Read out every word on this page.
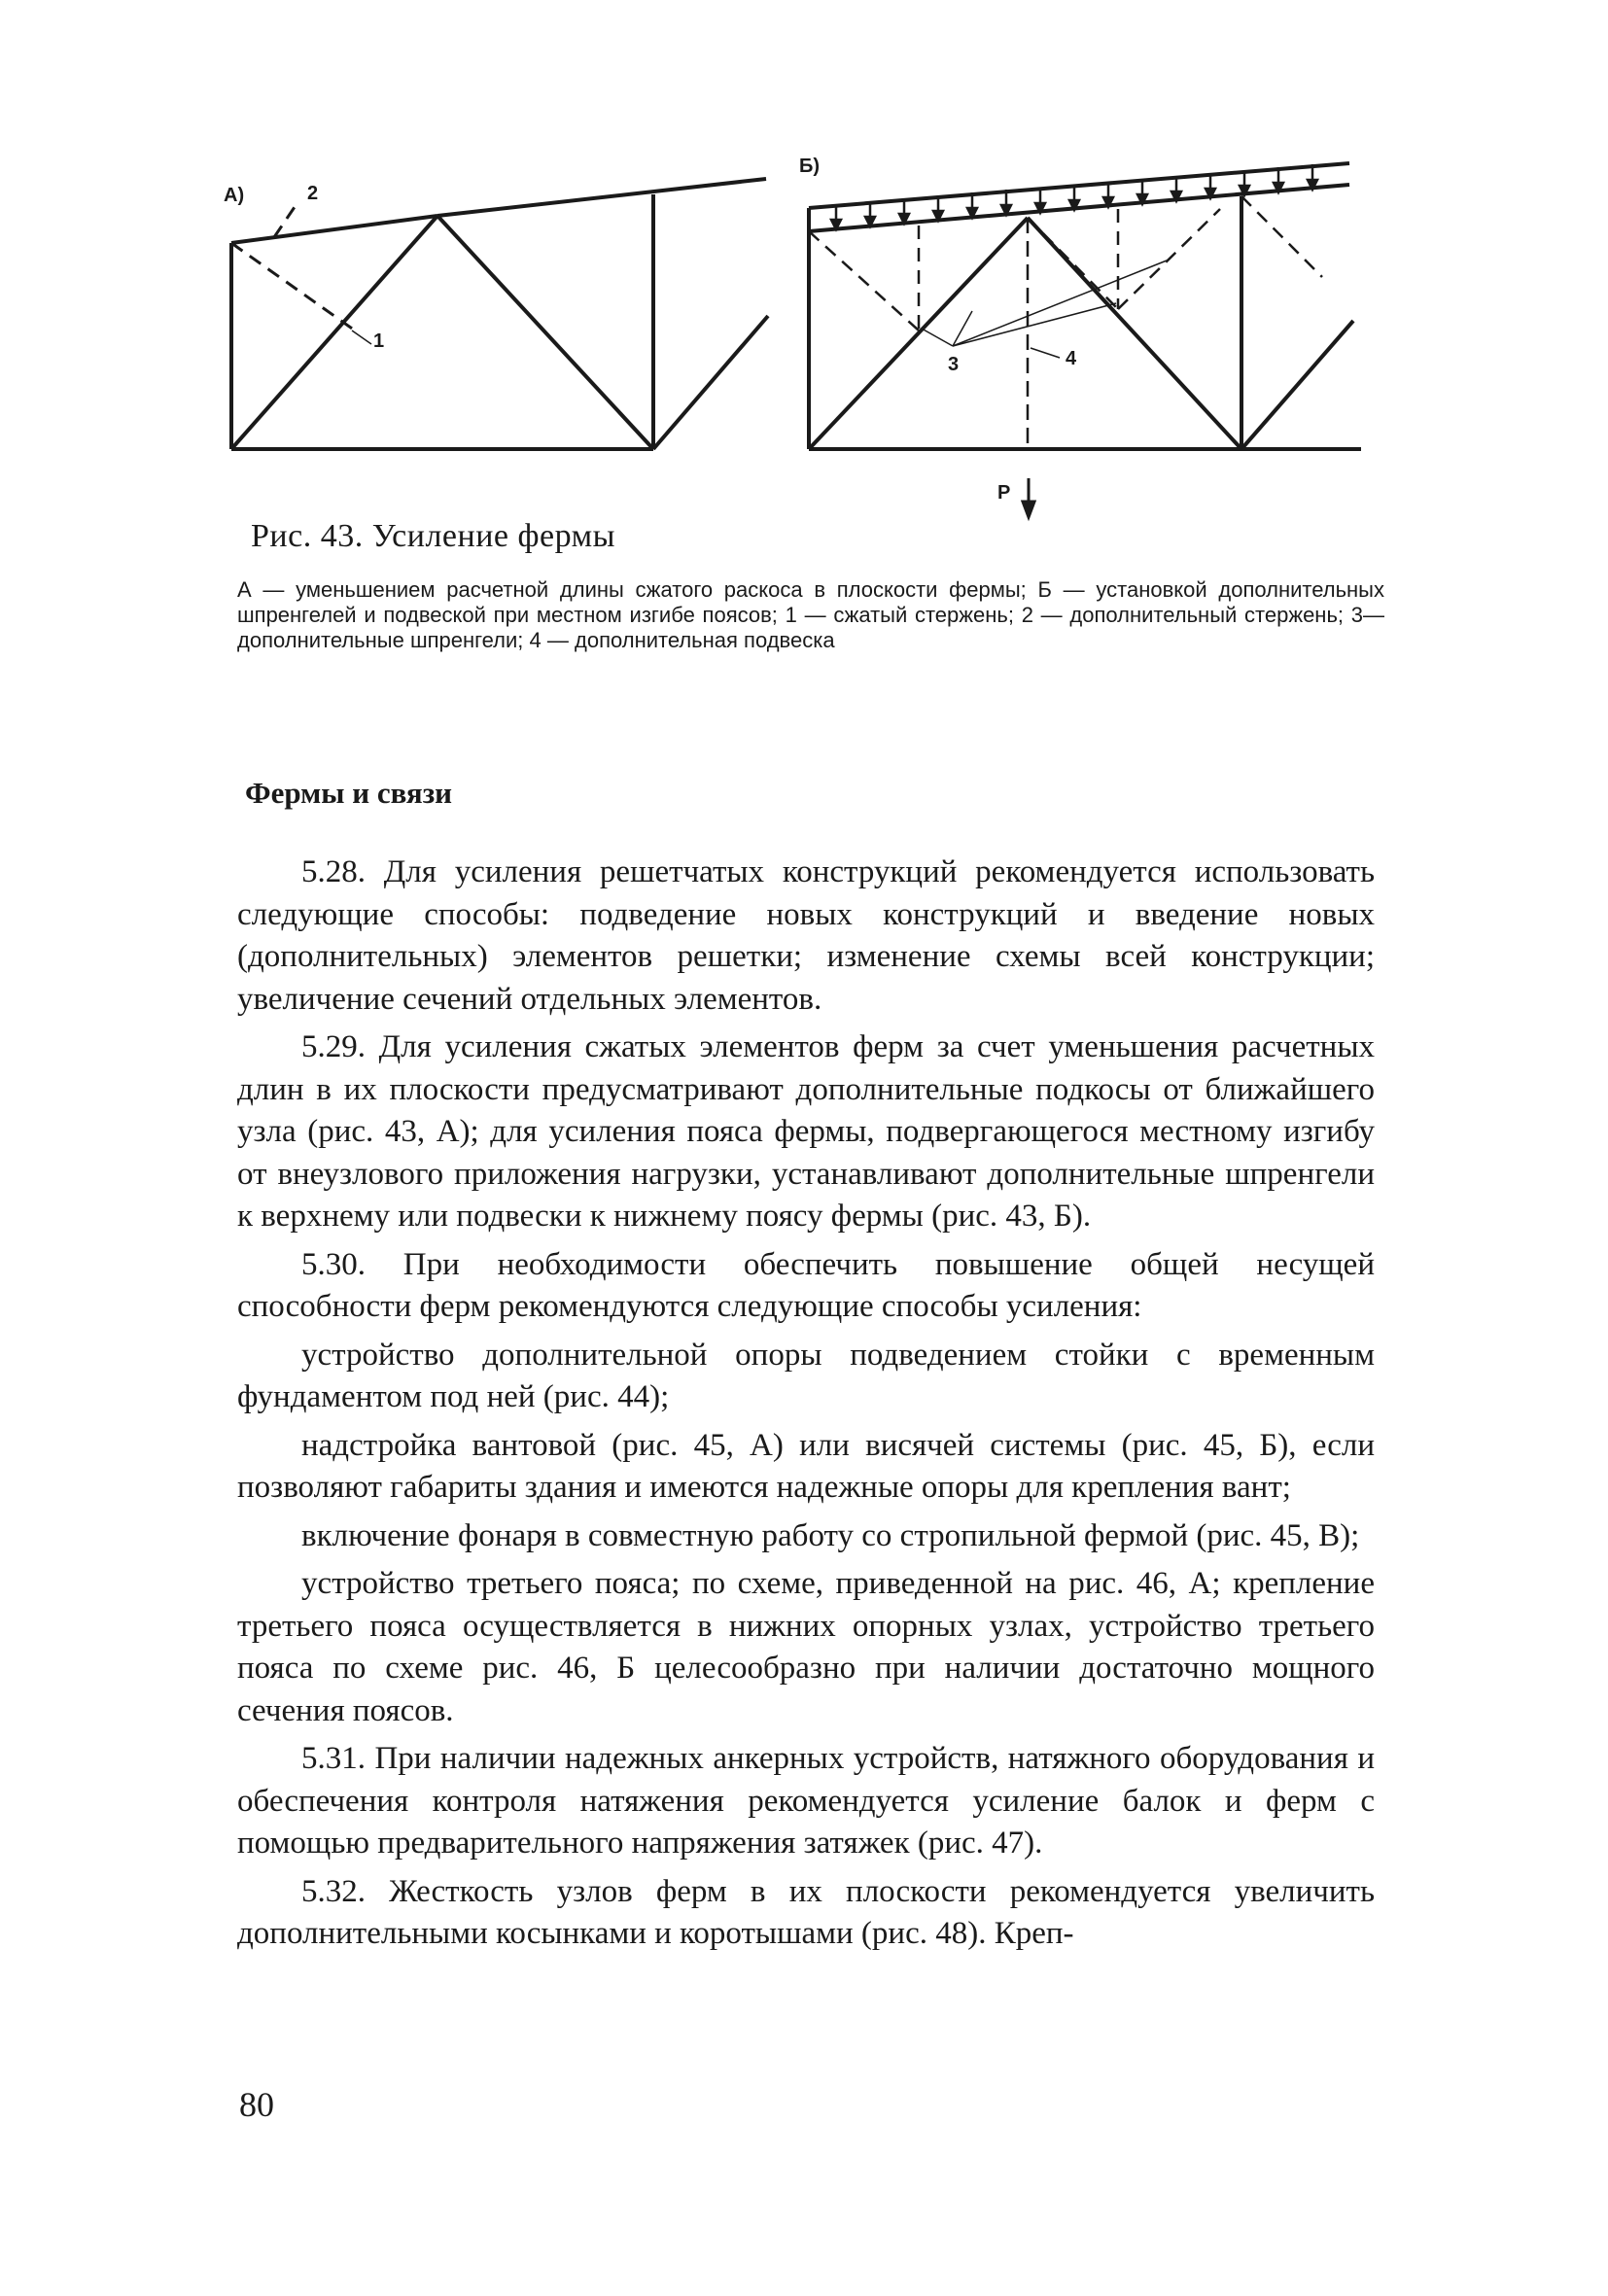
А)
Б)
1
2
3	4
P
Рис. 43. Усиление фермы
А — уменьшением расчетной длины сжатого раскоса в плоскости фермы; Б — установкой дополнительных шпренгелей и подвеской при местном изгибе поясов; 1 — сжатый стержень; 2 — дополнительный стержень; 3—дополнительные шпренгели; 4 — дополнительная подвеска
Фермы и связи

5.28. Для усиления решетчатых конструкций рекомендуется использовать следующие способы: подведение новых конструкций и введение новых (дополнительных) элементов решетки; изменение схемы всей конструкции; увеличение сечений отдельных элементов.

5.29. Для усиления сжатых элементов ферм за счет уменьшения расчетных длин в их плоскости предусматривают дополнительные подкосы от ближайшего узла (рис. 43, А); для усиления пояса фермы, подвергающегося местному изгибу от внеузлового приложения нагрузки, устанавливают дополнительные шпренгели к верхнему или подвески к нижнему поясу фермы (рис. 43, Б).

5.30. При необходимости обеспечить повышение общей несущей способности ферм рекомендуются следующие способы усиления:

устройство дополнительной опоры подведением стойки с временным фундаментом под ней (рис. 44);

надстройка вантовой (рис. 45, А) или висячей системы (рис. 45, Б), если позволяют габариты здания и имеются надежные опоры для крепления вант;

включение фонаря в совместную работу со стропильной фермой (рис. 45, В);

устройство третьего пояса; по схеме, приведенной на рис. 46, А; крепление третьего пояса осуществляется в нижних опорных узлах, устройство третьего пояса по схеме рис. 46, Б целесообразно при наличии достаточно мощного сечения поясов.

5.31. При наличии надежных анкерных устройств, натяжного оборудования и обеспечения контроля натяжения рекомендуется усиление балок и ферм с помощью предварительного напряжения затяжек (рис. 47).

5.32. Жесткость узлов ферм в их плоскости рекомендуется увеличить дополнительными косынками и коротышами (рис. 48). Креп-

80
